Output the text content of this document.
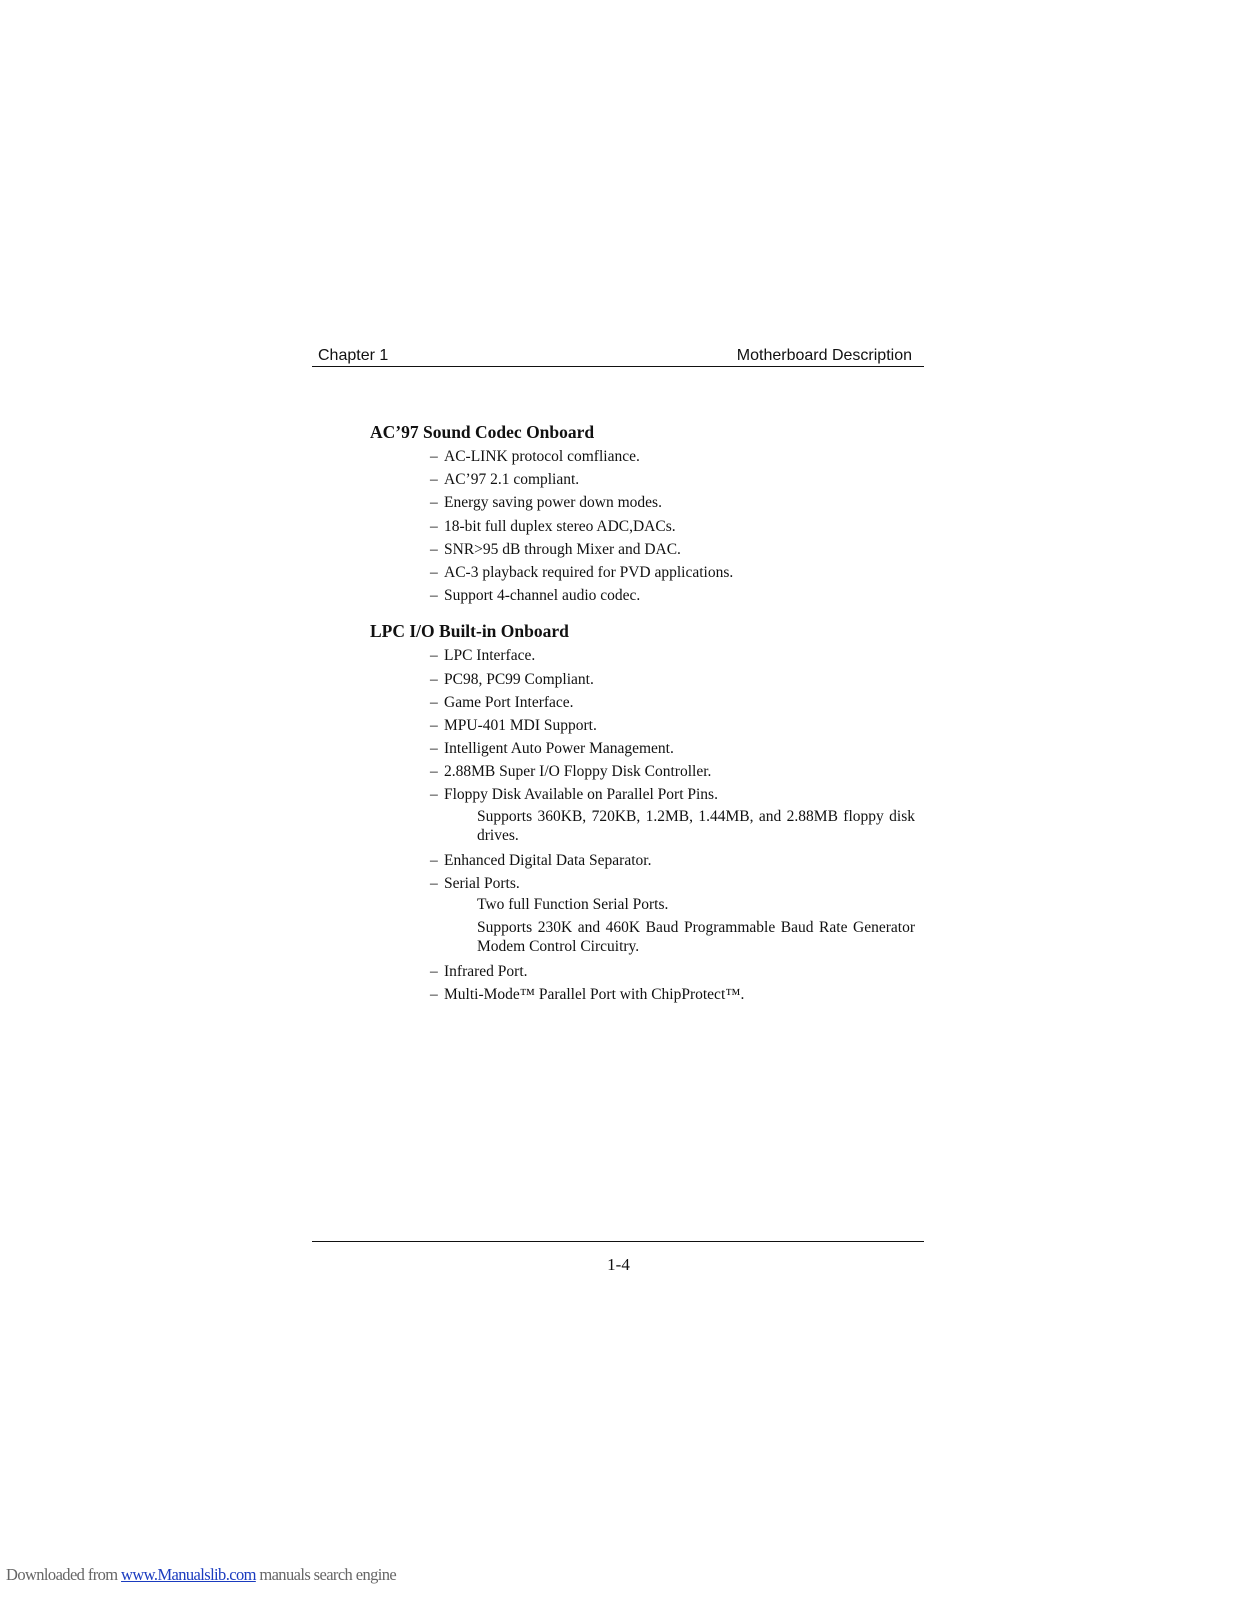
Chapter 1	Motherboard Description
AC’97 Sound Codec Onboard
– AC-LINK protocol comfliance.
– AC’97 2.1 compliant.
– Energy saving power down modes.
– 18-bit full duplex stereo ADC,DACs.
– SNR>95 dB through Mixer and DAC.
– AC-3 playback required for PVD applications.
– Support 4-channel audio codec.
LPC I/O Built-in Onboard
– LPC Interface.
– PC98, PC99 Compliant.
– Game Port Interface.
– MPU-401 MDI Support.
– Intelligent Auto Power Management.
– 2.88MB Super I/O Floppy Disk Controller.
– Floppy Disk Available on Parallel Port Pins.
Supports 360KB, 720KB, 1.2MB, 1.44MB, and 2.88MB floppy disk drives.
– Enhanced Digital Data Separator.
– Serial Ports.
Two full Function Serial Ports.
Supports 230K and 460K Baud Programmable Baud Rate Generator Modem Control Circuitry.
– Infrared Port.
– Multi-Mode™ Parallel Port with ChipProtect™.
1-4
Downloaded from www.Manualslib.com manuals search engine
